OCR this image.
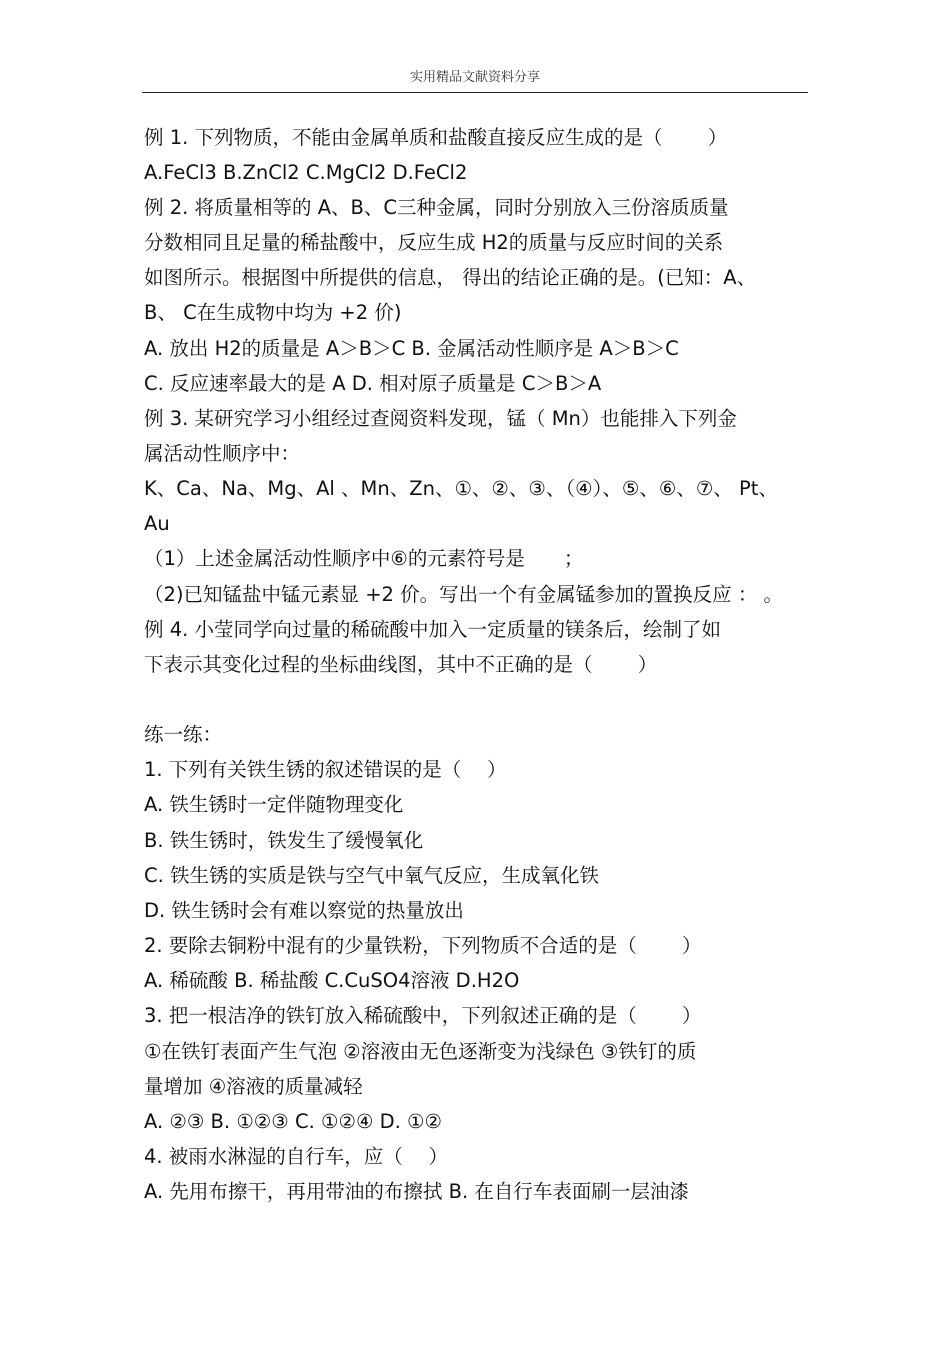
实用精品文献资料分享
例 1. 下列物质，不能由金属单质和盐酸直接反应生成的是（　　 ）
A.FeCl3 B.ZnCl2 C.MgCl2 D.FeCl2
例 2. 将质量相等的 A、B、C三种金属，同时分别放入三份溶质质量
分数相同且足量的稀盐酸中，反应生成 H2的质量与反应时间的关系
如图所示。根据图中所提供的信息， 得出的结论正确的是。(已知：A、
B、 C在生成物中均为 +2 价)
A. 放出 H2的质量是 A＞B＞C B. 金属活动性顺序是 A＞B＞C
C. 反应速率最大的是 A D. 相对原子质量是 C＞B＞A
例 3. 某研究学习小组经过查阅资料发现，锰（ Mn）也能排入下列金
属活动性顺序中：
K、Ca、Na、Mg、Al 、Mn、Zn、①、②、③、（④）、⑤、⑥、⑦、 Pt、
Au
（1）上述金属活动性顺序中⑥的元素符号是　　；
（2)已知锰盐中锰元素显 +2 价。写出一个有金属锰参加的置换反应 ： 。
例 4. 小莹同学向过量的稀硫酸中加入一定质量的镁条后，绘制了如
下表示其变化过程的坐标曲线图，其中不正确的是（　　 ）
练一练：
1. 下列有关铁生锈的叙述错误的是（　 ）
A. 铁生锈时一定伴随物理变化
B. 铁生锈时，铁发生了缓慢氧化
C. 铁生锈的实质是铁与空气中氧气反应，生成氧化铁
D. 铁生锈时会有难以察觉的热量放出
2. 要除去铜粉中混有的少量铁粉，下列物质不合适的是（　　 ）
A. 稀硫酸 B. 稀盐酸 C.CuSO4溶液 D.H2O
3. 把一根洁净的铁钉放入稀硫酸中，下列叙述正确的是（　　 ）
①在铁钉表面产生气泡 ②溶液由无色逐渐变为浅绿色 ③铁钉的质
量增加 ④溶液的质量减轻
A. ②③ B. ①②③ C. ①②④ D. ①②
4. 被雨水淋湿的自行车，应（　 ）
A. 先用布擦干，再用带油的布擦拭 B. 在自行车表面刷一层油漆
